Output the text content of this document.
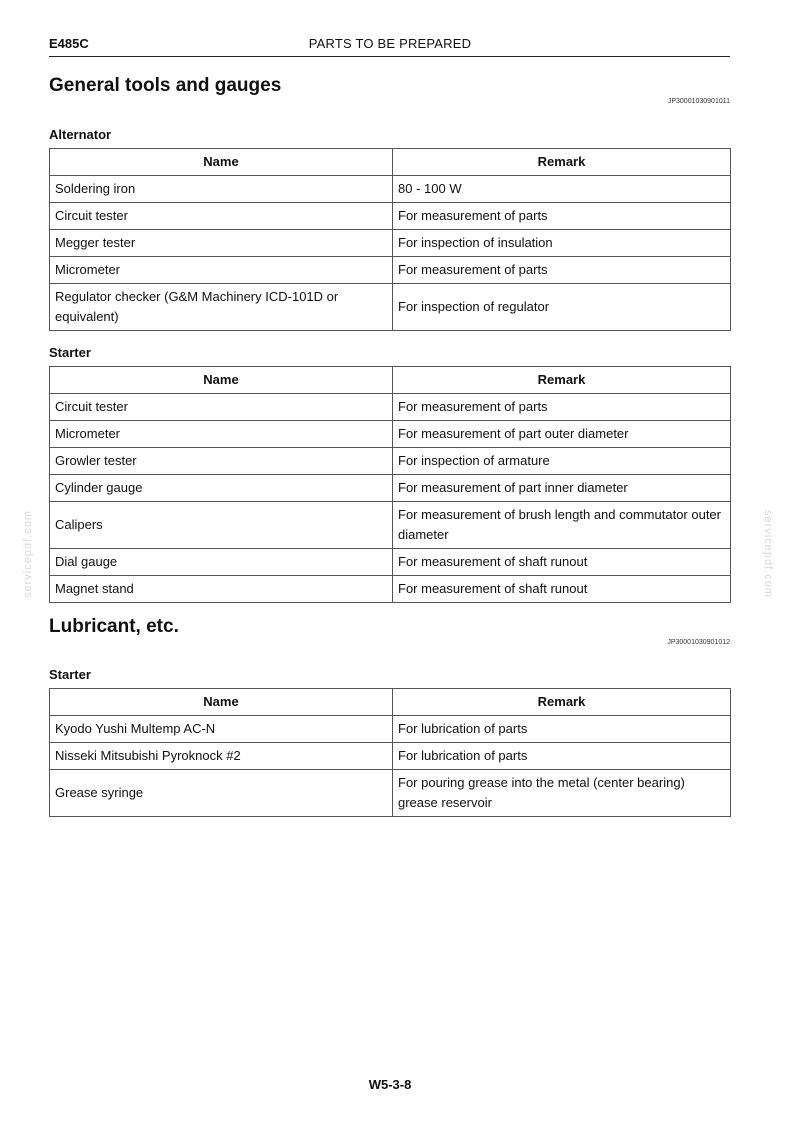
E485C	PARTS TO BE PREPARED
General tools and gauges
JP30001030901011
Alternator
Name	Remark
Soldering iron	80 - 100 W
Circuit tester	For measurement of parts
Megger tester	For inspection of insulation
Micrometer	For measurement of parts
Regulator checker (G&M Machinery ICD-101D or equivalent)	For inspection of regulator
Starter
Name	Remark
Circuit tester	For measurement of parts
Micrometer	For measurement of part outer diameter
Growler tester	For inspection of armature
Cylinder gauge	For measurement of part inner diameter
Calipers	For measurement of brush length and commutator outer diameter
Dial gauge	For measurement of shaft runout
Magnet stand	For measurement of shaft runout
Lubricant, etc.
JP30001030901012
Starter
Name	Remark
Kyodo Yushi Multemp AC-N	For lubrication of parts
Nisseki Mitsubishi Pyroknock #2	For lubrication of parts
Grease syringe	For pouring grease into the metal (center bearing) grease reservoir
servicepdf.com	servicepdf.com
W5-3-8
